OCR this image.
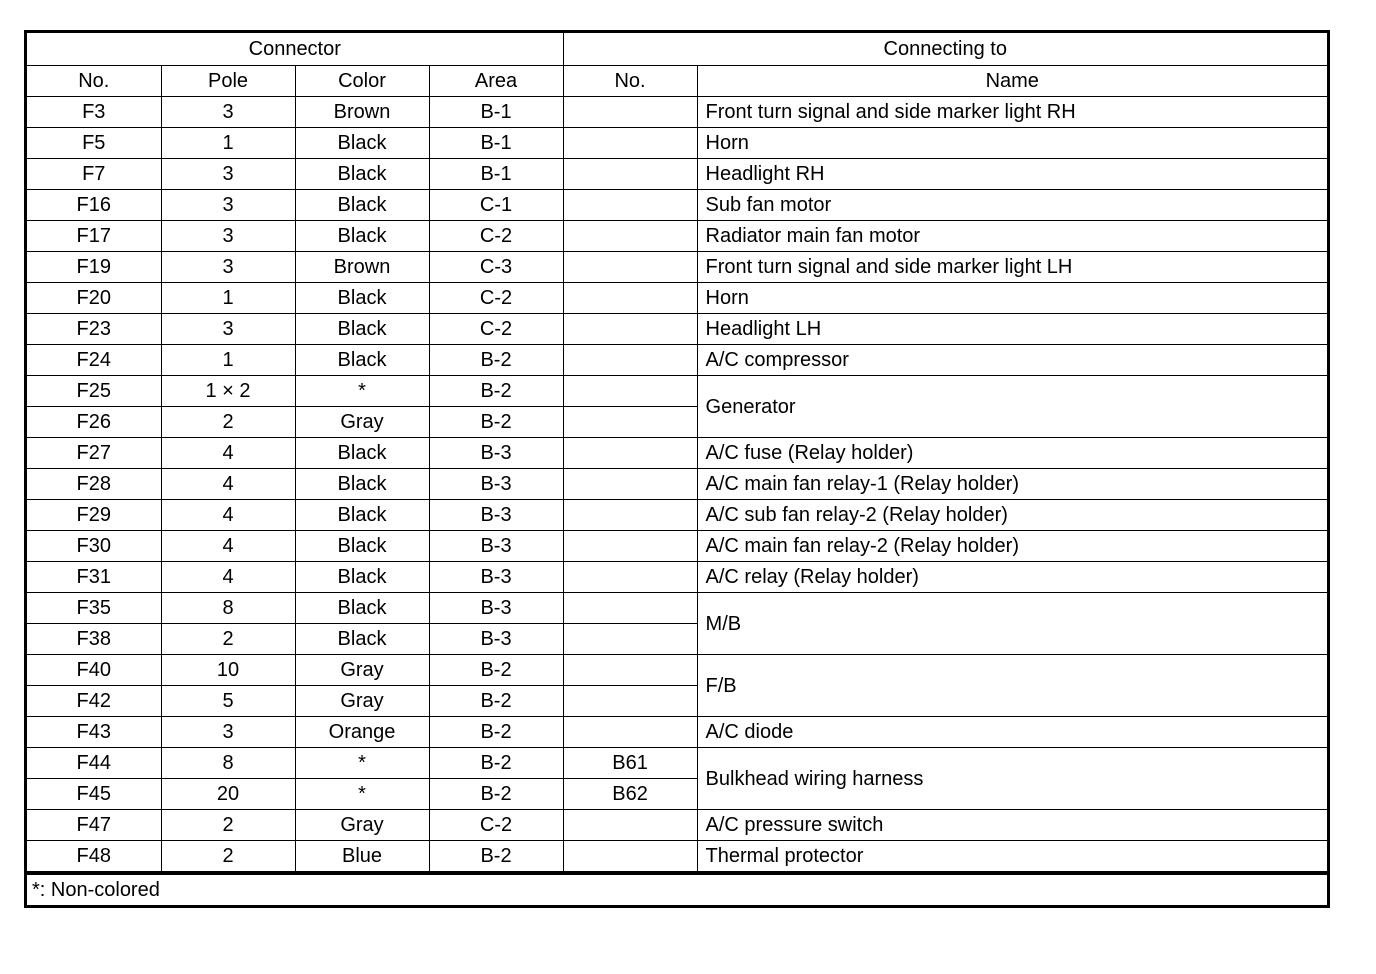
Connector				Connecting to	
No.	Pole	Color	Area	No.	Name
F3	3	Brown	B-1		Front turn signal and side marker light RH
F5	1	Black	B-1		Horn
F7	3	Black	B-1		Headlight RH
F16	3	Black	C-1		Sub fan motor
F17	3	Black	C-2		Radiator main fan motor
F19	3	Brown	C-3		Front turn signal and side marker light LH
F20	1	Black	C-2		Horn
F23	3	Black	C-2		Headlight LH
F24	1	Black	B-2		A/C compressor
F25	1 × 2	*	B-2		Generator
F26	2	Gray	B-2		
F27	4	Black	B-3		A/C fuse (Relay holder)
F28	4	Black	B-3		A/C main fan relay-1 (Relay holder)
F29	4	Black	B-3		A/C sub fan relay-2 (Relay holder)
F30	4	Black	B-3		A/C main fan relay-2 (Relay holder)
F31	4	Black	B-3		A/C relay (Relay holder)
F35	8	Black	B-3		M/B
F38	2	Black	B-3		
F40	10	Gray	B-2		F/B
F42	5	Gray	B-2		
F43	3	Orange	B-2		A/C diode
F44	8	*	B-2	B61	Bulkhead wiring harness
F45	20	*	B-2	B62	
F47	2	Gray	C-2		A/C pressure switch
F48	2	Blue	B-2		Thermal protector
*: Non-colored
